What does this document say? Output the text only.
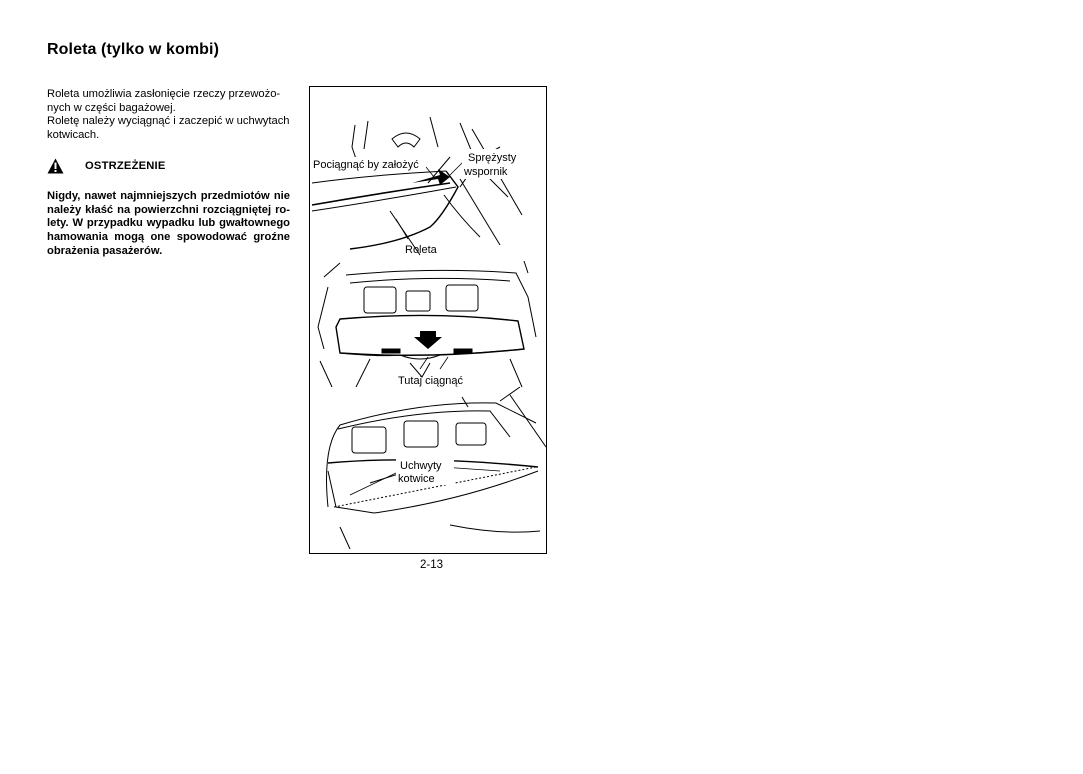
Roleta (tylko w kombi)

Roleta umożliwia zasłonięcie rzeczy przewożo-nych w części bagażowej.

Roletę należy wyciągnąć i zaczepić w uchwytach kotwicach.

OSTRZEŻENIE
Nigdy, nawet najmniejszych przedmiotów nie należy kłaść na powierzchni rozciągniętej ro-lety. W przypadku wypadku lub gwałtownego hamowania mogą one spowodować groźne obrażenia pasażerów.
Pociągnąć by założyć
Sprężysty
wspornik
Roleta
Tutaj ciągnąć
Uchwyty
kotwice
2-13
